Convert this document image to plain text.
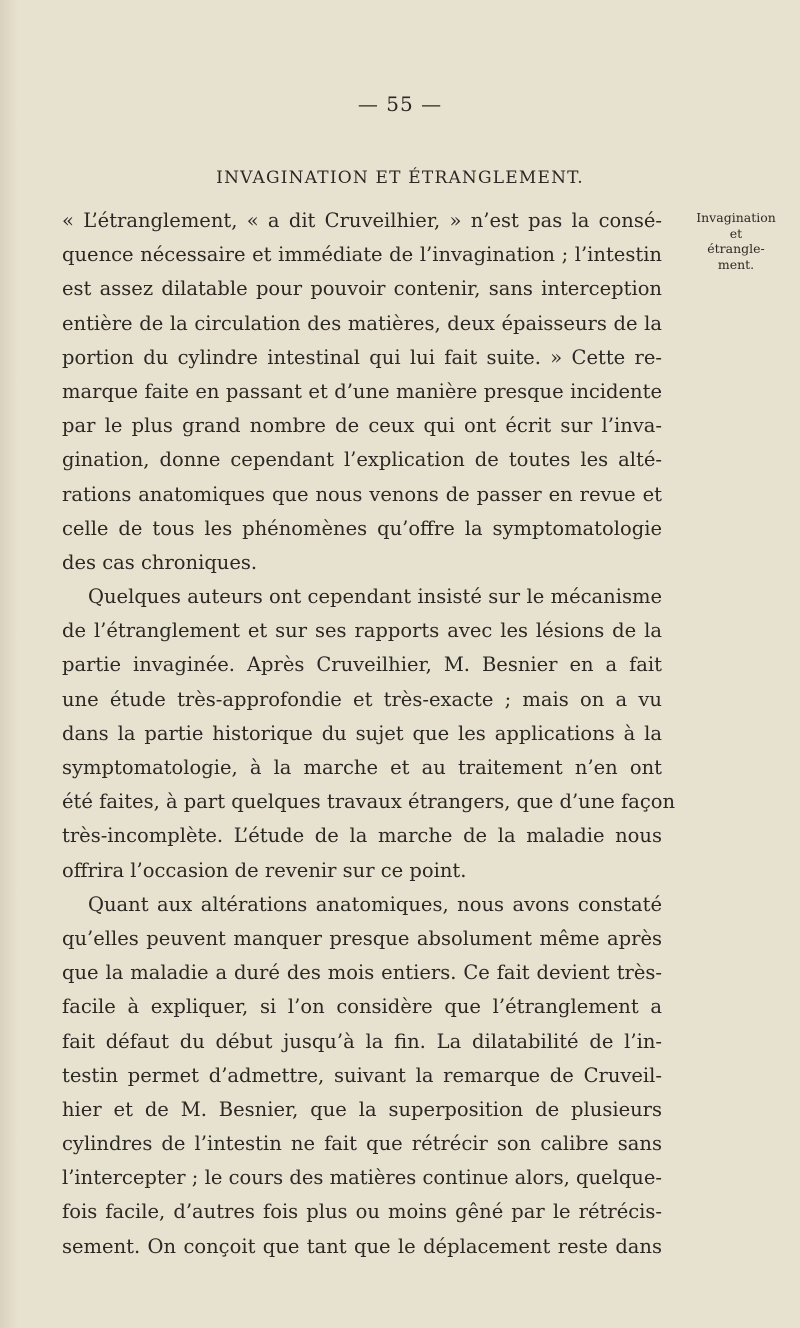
— 55 —
INVAGINATION ET ÉTRANGLEMENT.
Invagination
et
étrangle-
ment.
« L’étranglement, « a dit Cruveilhier, » n’est pas la consé-
quence nécessaire et immédiate de l’invagination ; l’intestin
est assez dilatable pour pouvoir contenir, sans interception
entière de la circulation des matières, deux épaisseurs de la
portion du cylindre intestinal qui lui fait suite. » Cette re-
marque faite en passant et d’une manière presque incidente
par le plus grand nombre de ceux qui ont écrit sur l’inva-
gination, donne cependant l’explication de toutes les alté-
rations anatomiques que nous venons de passer en revue et
celle de tous les phénomènes qu’offre la symptomatologie
des cas chroniques.
Quelques auteurs ont cependant insisté sur le mécanisme
de l’étranglement et sur ses rapports avec les lésions de la
partie invaginée. Après Cruveilhier, M. Besnier en a fait
une étude très-approfondie et très-exacte ; mais on a vu
dans la partie historique du sujet que les applications à la
symptomatologie, à la marche et au traitement n’en ont
été faites, à part quelques travaux étrangers, que d’une façon
très-incomplète. L’étude de la marche de la maladie nous
offrira l’occasion de revenir sur ce point.
Quant aux altérations anatomiques, nous avons constaté
qu’elles peuvent manquer presque absolument même après
que la maladie a duré des mois entiers. Ce fait devient très-
facile à expliquer, si l’on considère que l’étranglement a
fait défaut du début jusqu’à la fin. La dilatabilité de l’in-
testin permet d’admettre, suivant la remarque de Cruveil-
hier et de M. Besnier, que la superposition de plusieurs
cylindres de l’intestin ne fait que rétrécir son calibre sans
l’intercepter ; le cours des matières continue alors, quelque-
fois facile, d’autres fois plus ou moins gêné par le rétrécis-
sement. On conçoit que tant que le déplacement reste dans
